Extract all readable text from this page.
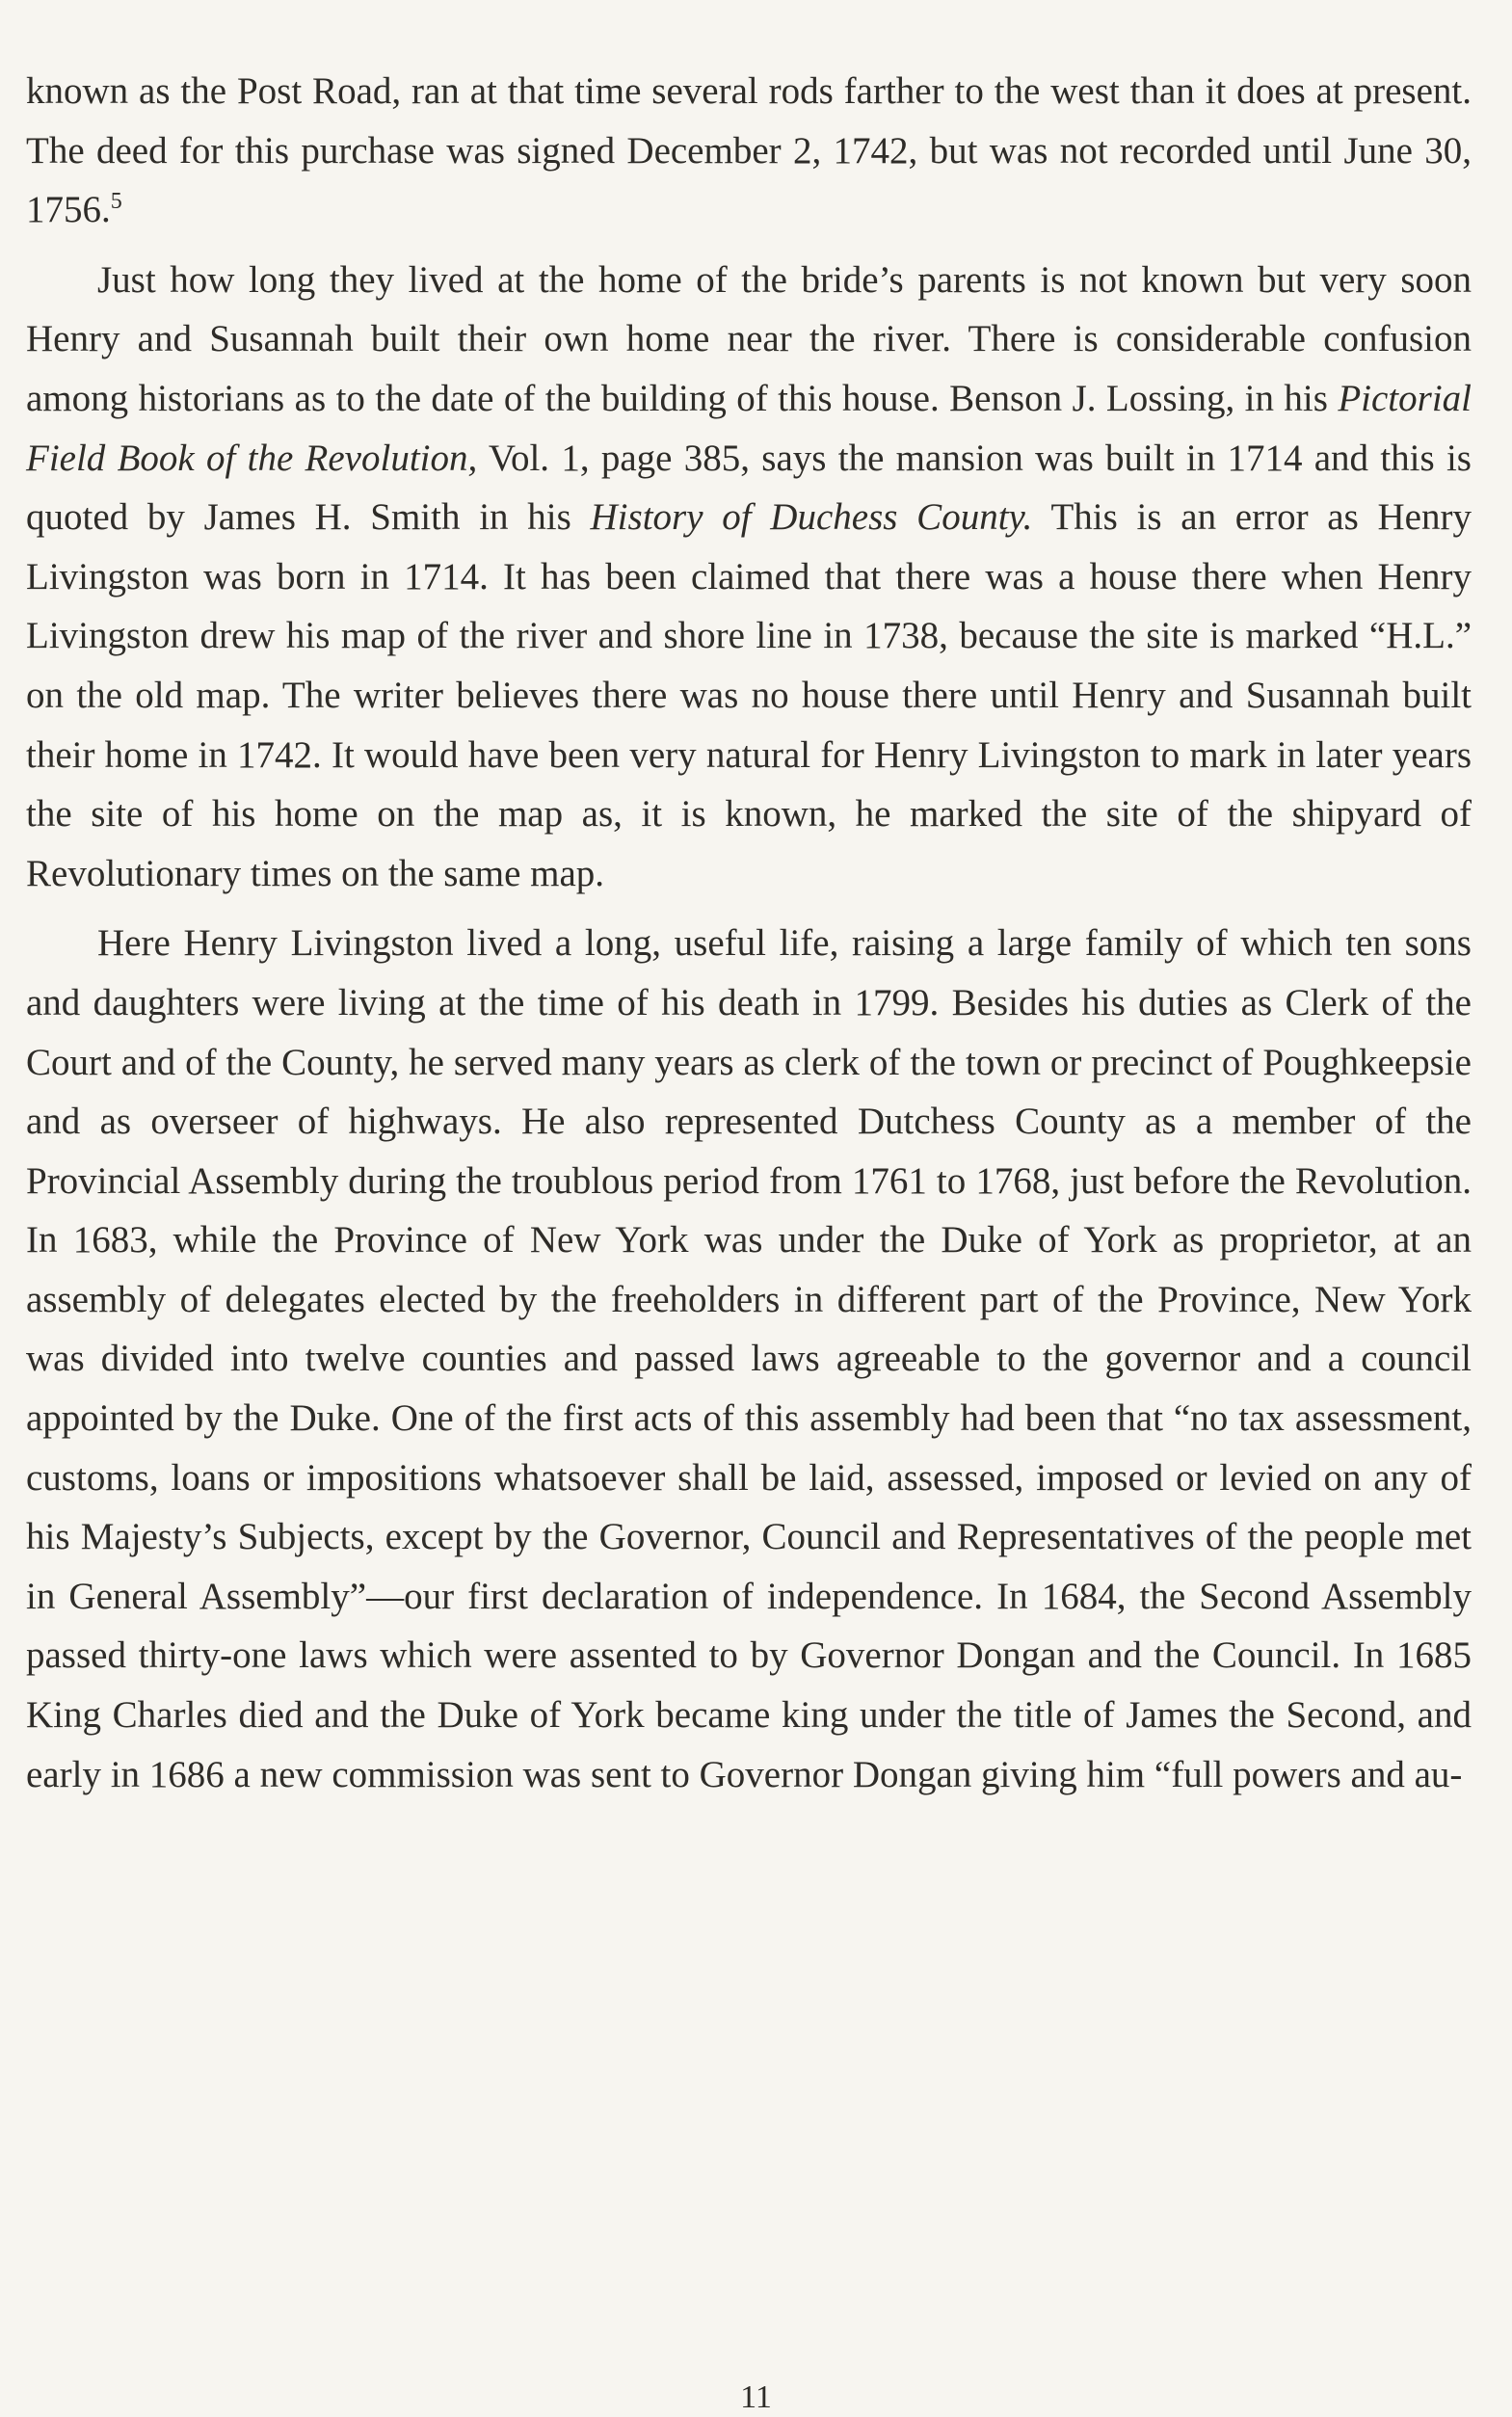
known as the Post Road, ran at that time several rods farther to the west than it does at present. The deed for this purchase was signed December 2, 1742, but was not recorded until June 30, 1756.$^5$

Just how long they lived at the home of the bride’s parents is not known but very soon Henry and Susannah built their own home near the river. There is considerable confusion among historians as to the date of the building of this house. Benson J. Lossing, in his Pictorial Field Book of the Revolution, Vol. 1, page 385, says the mansion was built in 1714 and this is quoted by James H. Smith in his History of Duchess County. This is an error as Henry Livingston was born in 1714. It has been claimed that there was a house there when Henry Livingston drew his map of the river and shore line in 1738, because the site is marked “H.L.” on the old map. The writer believes there was no house there until Henry and Susannah built their home in 1742. It would have been very natural for Henry Livingston to mark in later years the site of his home on the map as, it is known, he marked the site of the shipyard of Revolutionary times on the same map.

Here Henry Livingston lived a long, useful life, raising a large family of which ten sons and daughters were living at the time of his death in 1799. Besides his duties as Clerk of the Court and of the County, he served many years as clerk of the town or precinct of Poughkeepsie and as overseer of highways. He also represented Dutchess County as a member of the Provincial Assembly during the troublous period from 1761 to 1768, just before the Revolution. In 1683, while the Province of New York was under the Duke of York as proprietor, at an assembly of delegates elected by the freeholders in different part of the Province, New York was divided into twelve counties and passed laws agreeable to the governor and a council appointed by the Duke. One of the first acts of this assembly had been that “no tax assessment, customs, loans or impositions whatsoever shall be laid, assessed, imposed or levied on any of his Majesty’s Subjects, except by the Governor, Council and Representatives of the people met in General Assembly”—our first declaration of independence. In 1684, the Second Assembly passed thirty-one laws which were assented to by Governor Dongan and the Council. In 1685 King Charles died and the Duke of York became king under the title of James the Second, and early in 1686 a new commission was sent to Governor Dongan giving him “full powers and au-

11
